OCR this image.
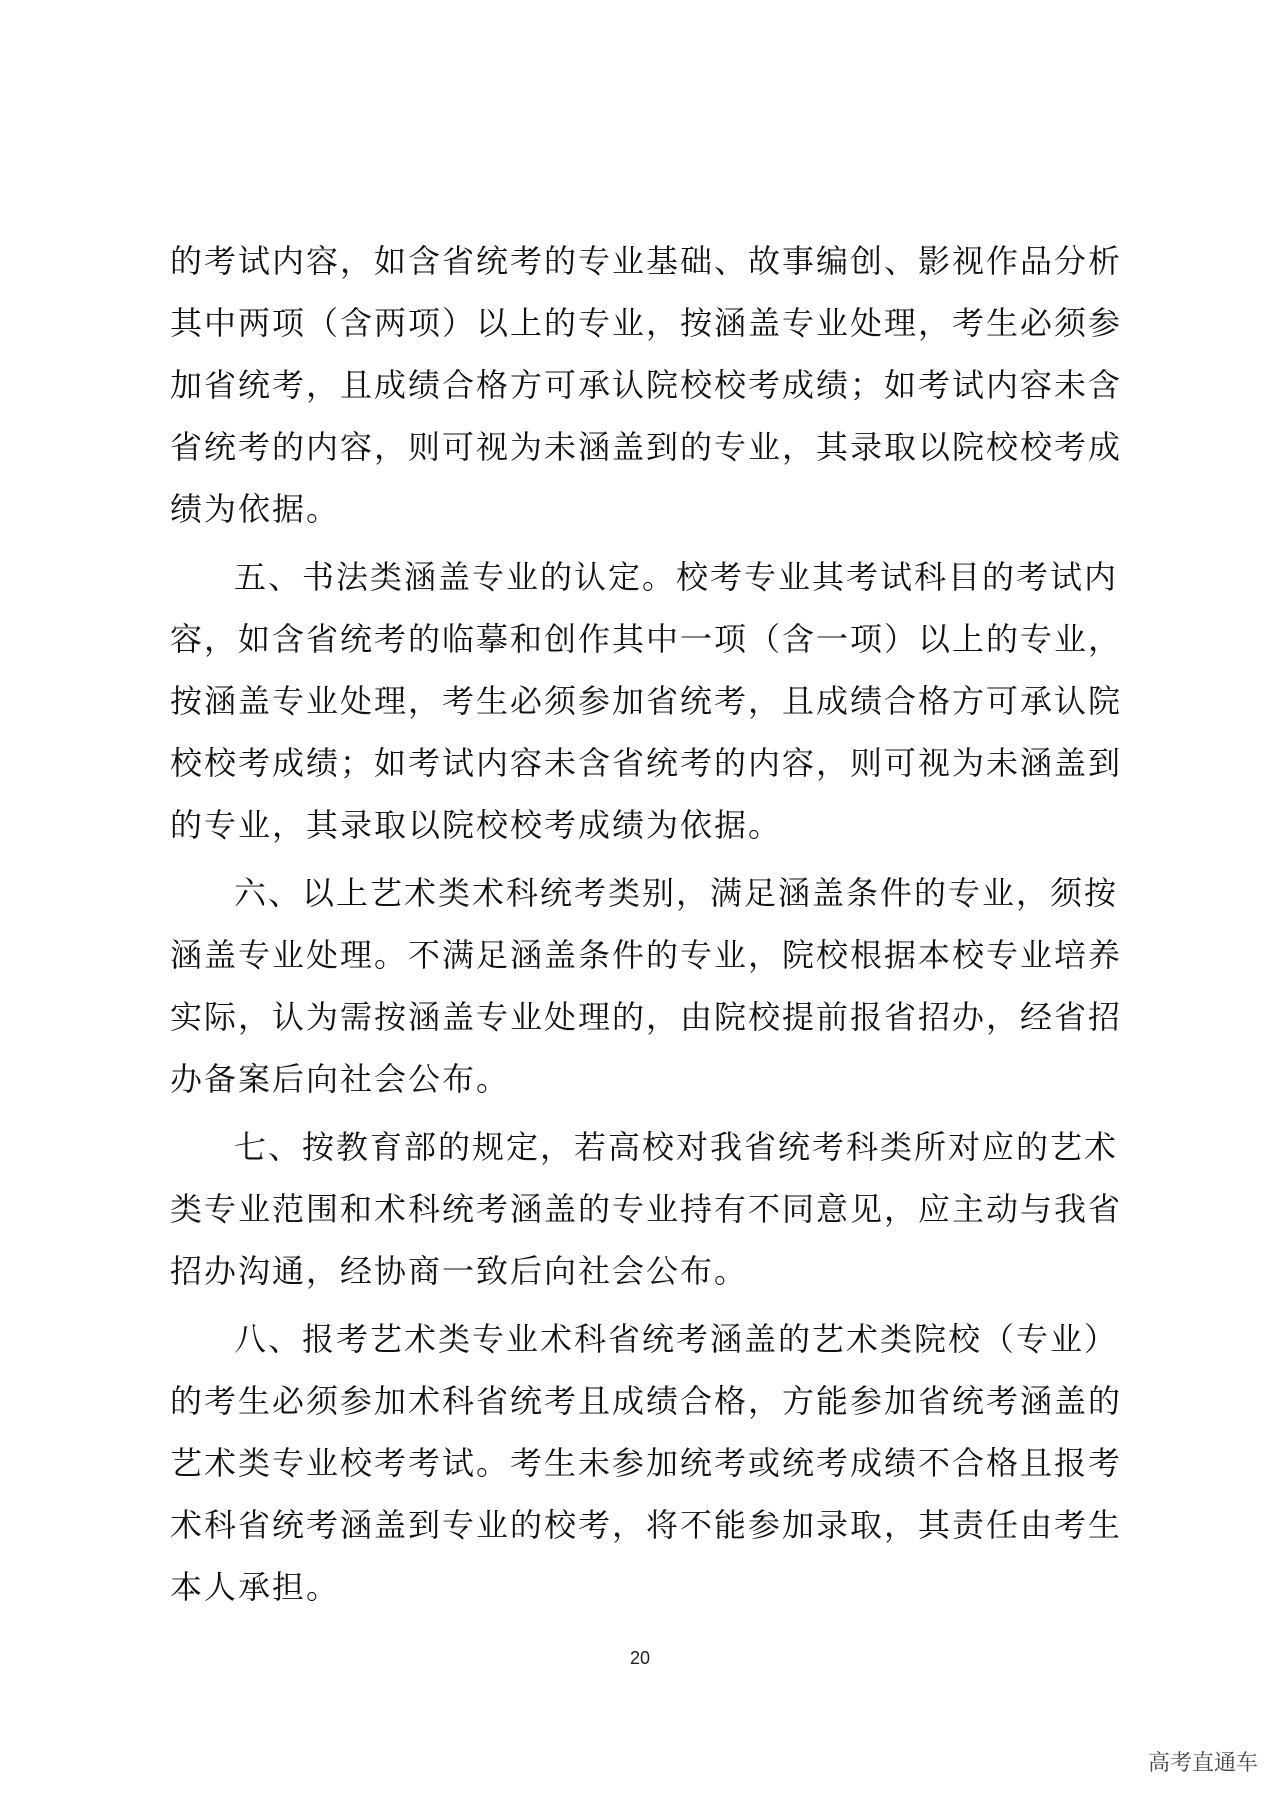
的考试内容，如含省统考的专业基础、故事编创、影视作品分析
其中两项（含两项）以上的专业，按涵盖专业处理，考生必须参
加省统考，且成绩合格方可承认院校校考成绩；如考试内容未含
省统考的内容，则可视为未涵盖到的专业，其录取以院校校考成
绩为依据。
五、书法类涵盖专业的认定。校考专业其考试科目的考试内
容，如含省统考的临摹和创作其中一项（含一项）以上的专业，
按涵盖专业处理，考生必须参加省统考，且成绩合格方可承认院
校校考成绩；如考试内容未含省统考的内容，则可视为未涵盖到
的专业，其录取以院校校考成绩为依据。
六、以上艺术类术科统考类别，满足涵盖条件的专业，须按
涵盖专业处理。不满足涵盖条件的专业，院校根据本校专业培养
实际，认为需按涵盖专业处理的，由院校提前报省招办，经省招
办备案后向社会公布。
七、按教育部的规定，若高校对我省统考科类所对应的艺术
类专业范围和术科统考涵盖的专业持有不同意见，应主动与我省
招办沟通，经协商一致后向社会公布。
八、报考艺术类专业术科省统考涵盖的艺术类院校（专业）
的考生必须参加术科省统考且成绩合格，方能参加省统考涵盖的
艺术类专业校考考试。考生未参加统考或统考成绩不合格且报考
术科省统考涵盖到专业的校考，将不能参加录取，其责任由考生
本人承担。
20
高考直通车
